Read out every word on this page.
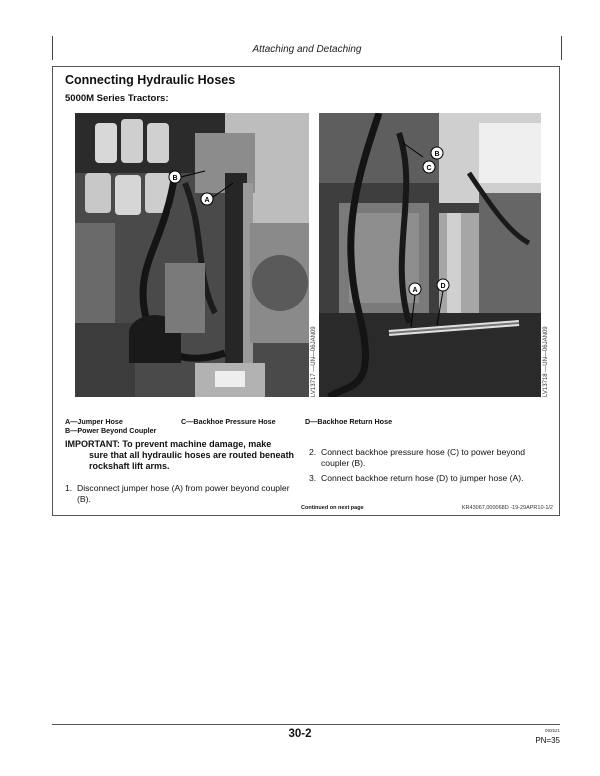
Attaching and Detaching
Connecting Hydraulic Hoses
5000M Series Tractors:
B
A
LV13717 —UN—06JAN09
B
C
A
D
LV13718 —UN—06JAN09
A—Jumper Hose
B—Power Beyond Coupler
C—Backhoe Pressure Hose	D—Backhoe Return Hose
IMPORTANT: To prevent machine damage, make
sure that all hydraulic hoses are routed beneath rockshaft lift arms.
1. Disconnect jumper hose (A) from power beyond coupler (B).
2. Connect backhoe pressure hose (C) to power beyond coupler (B).
3. Connect backhoe return hose (D) to jumper hose (A).
Continued on next page	KR43067,000068D -19-29APR10-1/2
30-2	092521
PN=35
